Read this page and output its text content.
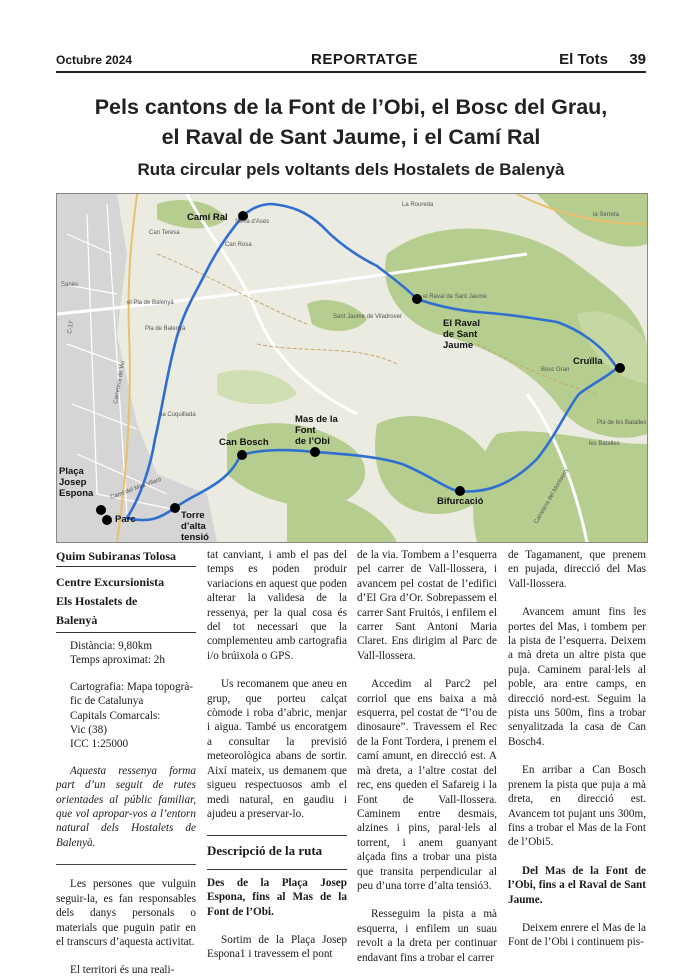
Octubre 2024	REPORTATGE	El Tots 39
Pels cantons de la Font de l’Obi, el Bosc del Grau,
el Raval de Sant Jaume, i el Camí Ral
Ruta circular pels voltants dels Hostalets de Balenyà
Camí Ral
El Raval
de Sant
Jaume
Cruïlla
Bifurcació
Mas de la
Font
de l’Obi
Can Bosch
Plaça
Josep
Espona
Parc	Torre
d’alta
tensió
La Roureda
Serra d'Ases
Can Teresa
Can Rosa
el Pla de Balenyà
Pla de Balenyà
el Raval de Sant Jaume
Sant Jaume de Viladrover
Bosc Gran
Pla de les Batalles
les Batalles
la Cuquillada
la Serreta
Carretera de Vic
Camí del Mas Vilaró	Carretera del Montseny
C-17
Sanès
Quim Subiranas Tolosa
Centre Excursionista
Els Hostalets de
Balenyà
Distància: 9,80km
Temps aproximat: 2h
Cartografia: Mapa topogrà-
fic de Catalunya
Capitals Comarcals:
Vic (38)
ICC 1:25000

Aquesta ressenya forma part d’un seguit de rutes orientades al públic familiar, que vol apropar-vos a l’entorn natural dels Hostalets de Balenyà.

Les persones que vulguin seguir-la, es fan responsables dels danys personals o materials que puguin patir en el transcurs d’aquesta activitat.

El territori és una reali-

tat canviant, i amb el pas del temps es poden produir variacions en aquest que poden alterar la validesa de la ressenya, per la qual cosa és del tot necessari que la complementeu amb cartografia i/o brúixola o GPS.

Us recomanem que aneu en grup, que porteu calçat còmode i roba d’abric, menjar i aigua. També us encoratgem a consultar la previsió meteorològica abans de sortir. Així mateix, us demanem que sigueu respectuosos amb el medi natural, en gaudiu i ajudeu a preservar-lo.

Descripció de la ruta

Des de la Plaça Josep Espona, fins al Mas de la Font de l’Obi.

Sortim de la Plaça Josep Espona1 i travessem el pont

de la via. Tombem a l’esquerra pel carrer de Vall-llossera, i avancem pel costat de l’edifici d’El Gra d’Or. Sobrepassem el carrer Sant Fruitós, i enfilem el carrer Sant Antoni Maria Claret. Ens dirigim al Parc de Vall-llossera.

Accedim al Parc2 pel corriol que ens baixa a mà esquerra, pel costat de “l’ou de dinosaure”. Travessem el Rec de la Font Tordera, i prenem el camí amunt, en direcció est. A mà dreta, a l’altre costat del rec, ens queden el Safareig i la Font de Vall-llossera. Caminem entre desmais, alzines i pins, paral·lels al torrent, i anem guanyant alçada fins a trobar una pista que transita perpendicular al peu d’una torre d’alta tensió3.

Resseguim la pista a mà esquerra, i enfilem un suau revolt a la dreta per continuar endavant fins a trobar el carrer

de Tagamanent, que prenem en pujada, direcció del Mas Vall-llossera.

Avancem amunt fins les portes del Mas, i tombem per la pista de l’esquerra. Deixem a mà dreta un altre pista que puja. Caminem paral·lels al poble, ara entre camps, en direcció nord-est. Seguim la pista uns 500m, fins a trobar senyalitzada la casa de Can Bosch4.

En arribar a Can Bosch prenem la pista que puja a mà dreta, en direcció est. Avancem tot pujant uns 300m, fins a trobar el Mas de la Font de l’Obi5.

Del Mas de la Font de l’Obi, fins a el Raval de Sant Jaume.

Deixem enrere el Mas de la Font de l’Obi i continuem pis-
